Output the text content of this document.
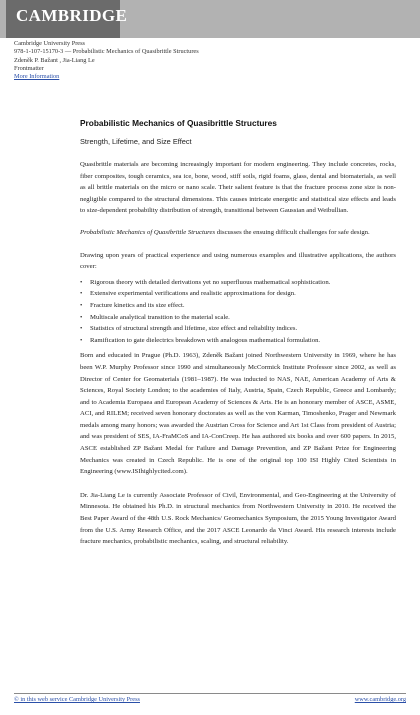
CAMBRIDGE
Cambridge University Press
978-1-107-15170-3 — Probabilistic Mechanics of Quasibrittle Structures
Zdeněk P. Bažant , Jia-Liang Le
Frontmatter
More Information
Probabilistic Mechanics of Quasibrittle Structures
Strength, Lifetime, and Size Effect

Quasibrittle materials are becoming increasingly important for modern engineering. They include concretes, rocks, fiber composites, tough ceramics, sea ice, bone, wood, stiff soils, rigid foams, glass, dental and biomaterials, as well as all brittle materials on the micro or nano scale. Their salient feature is that the fracture process zone size is non-negligible compared to the structural dimensions. This causes intricate energetic and statistical size effects and leads to size-dependent probability distribution of strength, transitional between Gaussian and Weibullian.

Probabilistic Mechanics of Quasibrittle Structures discusses the ensuing difficult challenges for safe design.

Drawing upon years of practical experience and using numerous examples and illustrative applications, the authors cover:

• Rigorous theory with detailed derivations yet no superfluous mathematical sophistication.
• Extensive experimental verifications and realistic approximations for design.
• Fracture kinetics and its size effect.
• Multiscale analytical transition to the material scale.
• Statistics of structural strength and lifetime, size effect and reliability indices.
• Ramification to gate dielectrics breakdown with analogous mathematical formulation.

Born and educated in Prague (Ph.D. 1963), Zdeněk Bažant joined Northwestern University in 1969, where he has been W.P. Murphy Professor since 1990 and simultaneously McCormick Institute Professor since 2002, as well as Director of Center for Geomaterials (1981–1987). He was inducted to NAS, NAE, American Academy of Arts & Sciences, Royal Society London; to the academies of Italy, Austria, Spain, Czech Republic, Greece and Lombardy; and to Academia Europaea and European Academy of Sciences & Arts. He is an honorary member of ASCE, ASME, ACI, and RILEM; received seven honorary doctorates as well as the von Karman, Timoshenko, Prager and Newmark medals among many honors; was awarded the Austrian Cross for Science and Art 1st Class from president of Austria; and was president of SES, IA-FraMCoS and IA-ConCreep. He has authored six books and over 600 papers. In 2015, ASCE established ZP Bažant Medal for Failure and Damage Prevention, and ZP Bažant Prize for Engineering Mechanics was created in Czech Republic. He is one of the original top 100 ISI Highly Cited Scientists in Engineering (www.ISIhighlycited.com).

Dr. Jia-Liang Le is currently Associate Professor of Civil, Environmental, and Geo-Engineering at the University of Minnesota. He obtained his Ph.D. in structural mechanics from Northwestern University in 2010. He received the Best Paper Award of the 48th U.S. Rock Mechanics/ Geomechanics Symposium, the 2015 Young Investigator Award from the U.S. Army Research Office, and the 2017 ASCE Leonardo da Vinci Award. His research interests include fracture mechanics, probabilistic mechanics, scaling, and structural reliability.

© in this web service Cambridge University Press	www.cambridge.org
